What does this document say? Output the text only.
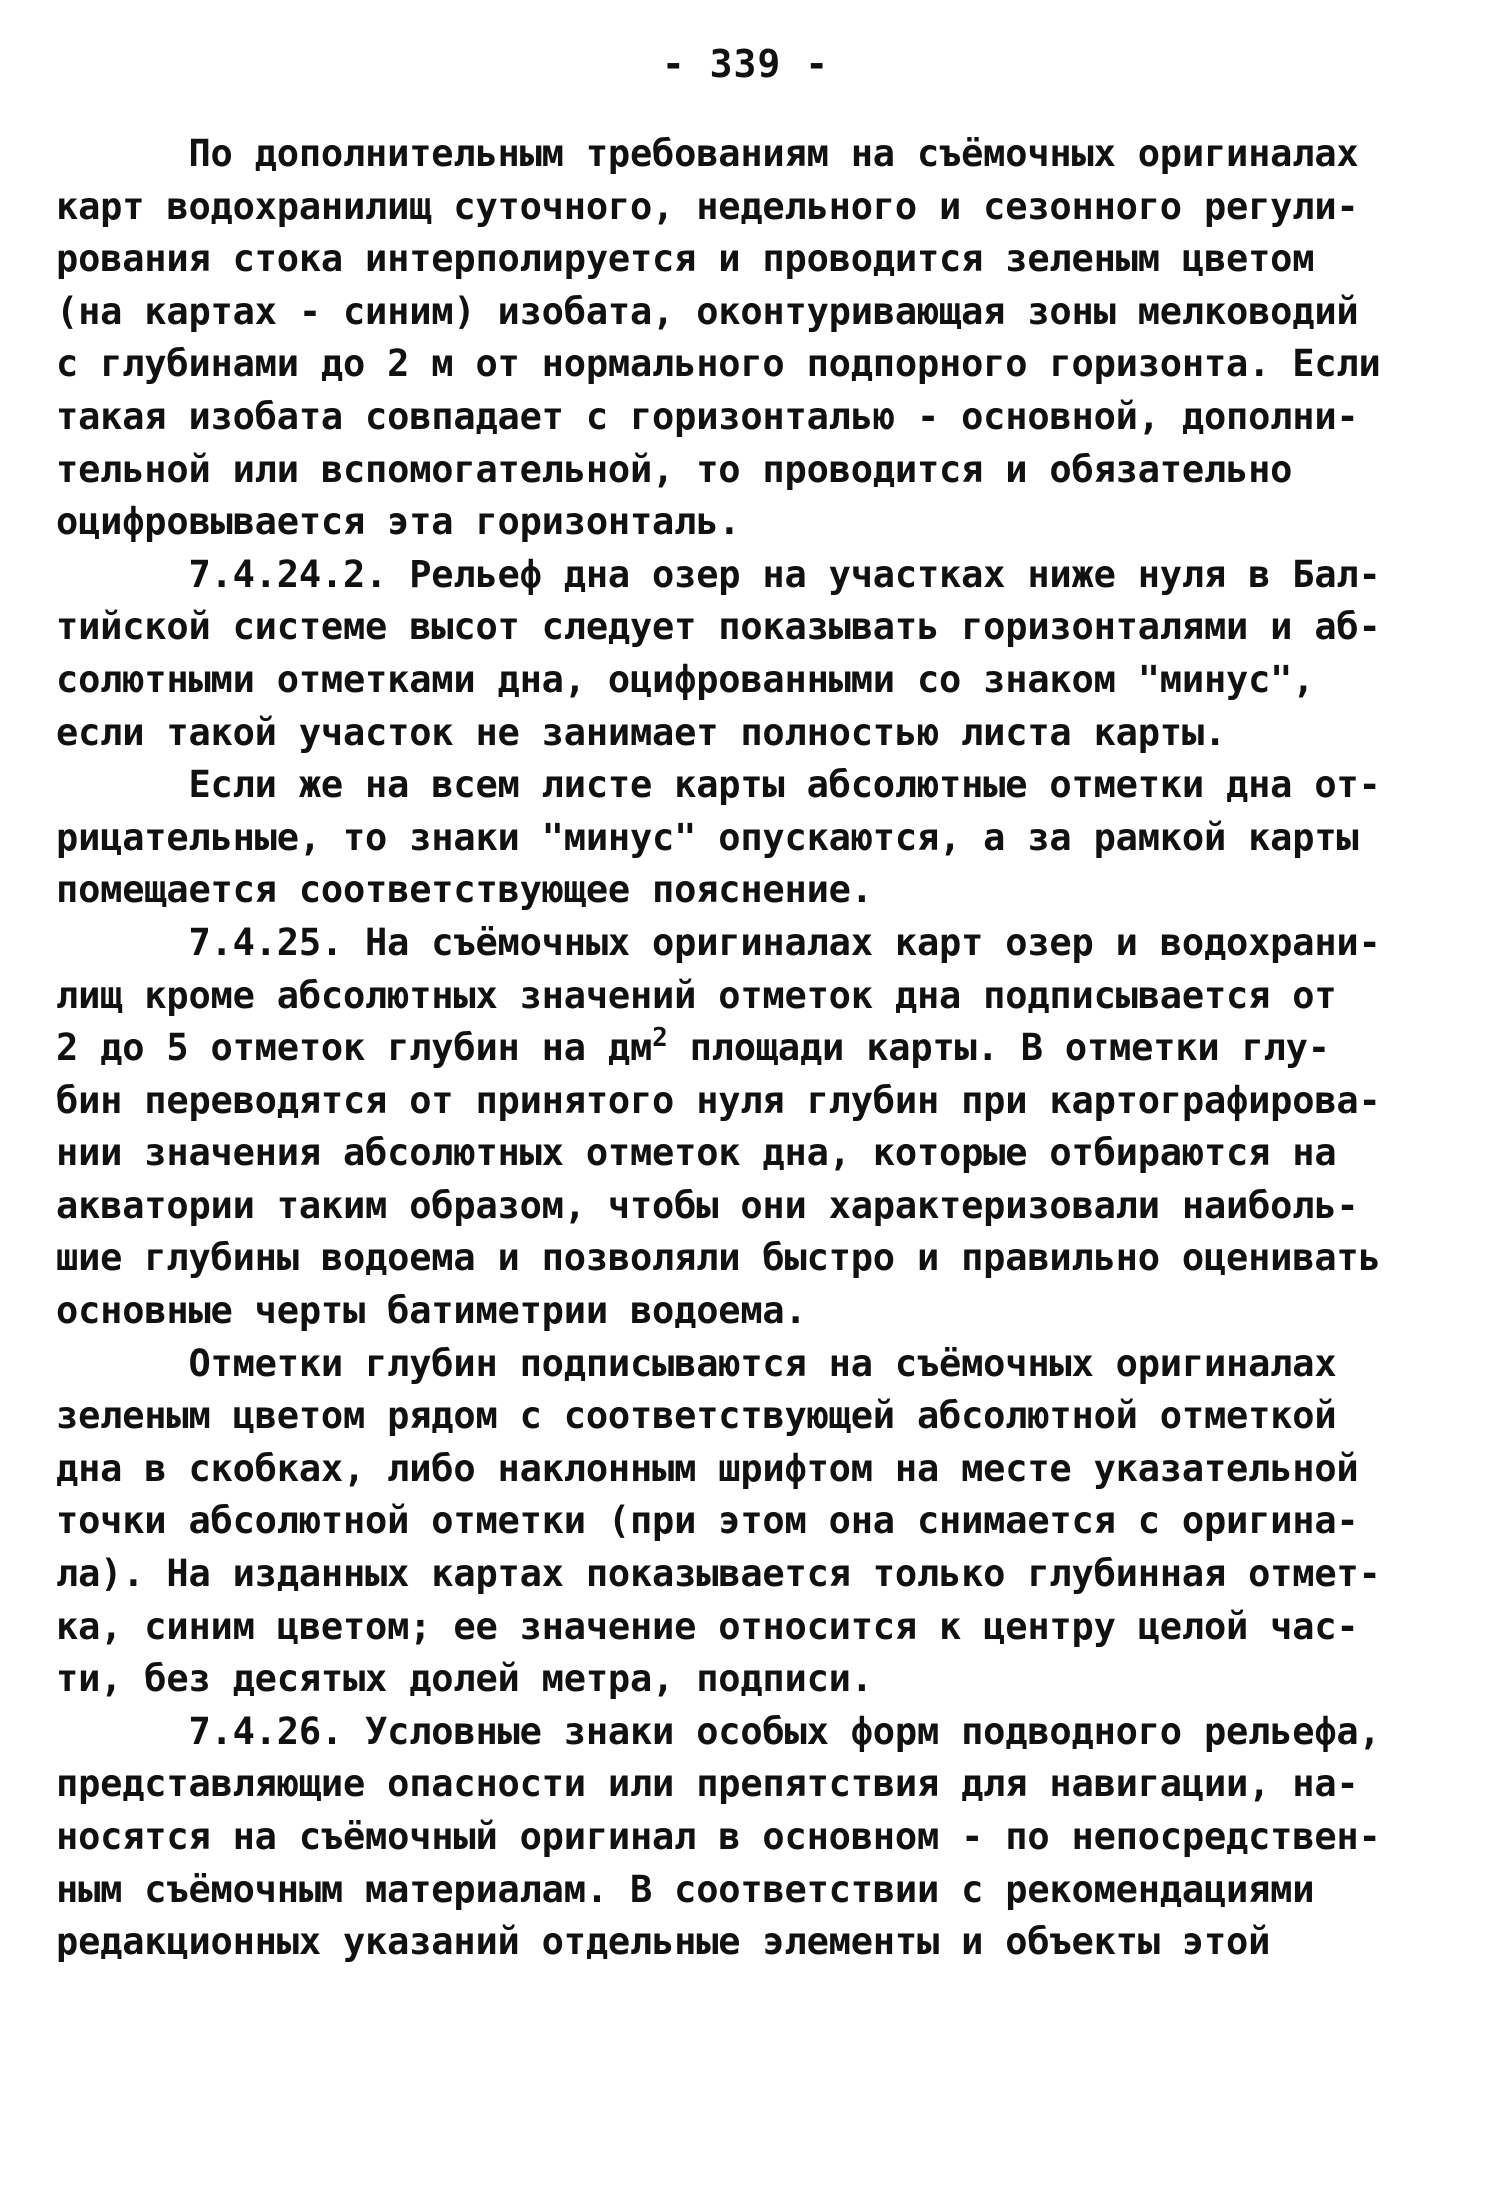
- 339 -
По дополнительным требованиям на съёмочных оригиналах
карт водохранилищ суточного, недельного и сезонного регули-
рования стока интерполируется и проводится зеленым цветом
(на картах - синим) изобата, оконтуривающая зоны мелководий
с глубинами до 2 м от нормального подпорного горизонта. Если
такая изобата совпадает с горизонталью - основной, дополни-
тельной или вспомогательной, то проводится и обязательно
оцифровывается эта горизонталь.
7.4.24.2. Рельеф дна озер на участках ниже нуля в Бал-
тийской системе высот следует показывать горизонталями и аб-
солютными отметками дна, оцифрованными со знаком "минус",
если такой участок не занимает полностью листа карты.
Если же на всем листе карты абсолютные отметки дна от-
рицательные, то знаки "минус" опускаются, а за рамкой карты
помещается соответствующее пояснение.
7.4.25. На съёмочных оригиналах карт озер и водохрани-
лищ кроме абсолютных значений отметок дна подписывается от
2 до 5 отметок глубин на $дм^2$ площади карты. В отметки глу-
бин переводятся от принятого нуля глубин при картографирова-
нии значения абсолютных отметок дна, которые отбираются на
акватории таким образом, чтобы они характеризовали наиболь-
шие глубины водоема и позволяли быстро и правильно оценивать
основные черты батиметрии водоема.
Отметки глубин подписываются на съёмочных оригиналах
зеленым цветом рядом с соответствующей абсолютной отметкой
дна в скобках, либо наклонным шрифтом на месте указательной
точки абсолютной отметки (при этом она снимается с оригина-
ла). На изданных картах показывается только глубинная отмет-
ка, синим цветом; ее значение относится к центру целой час-
ти, без десятых долей метра, подписи.
7.4.26. Условные знаки особых форм подводного рельефа,
представляющие опасности или препятствия для навигации, на-
носятся на съёмочный оригинал в основном - по непосредствен-
ным съёмочным материалам. В соответствии с рекомендациями
редакционных указаний отдельные элементы и объекты этой
